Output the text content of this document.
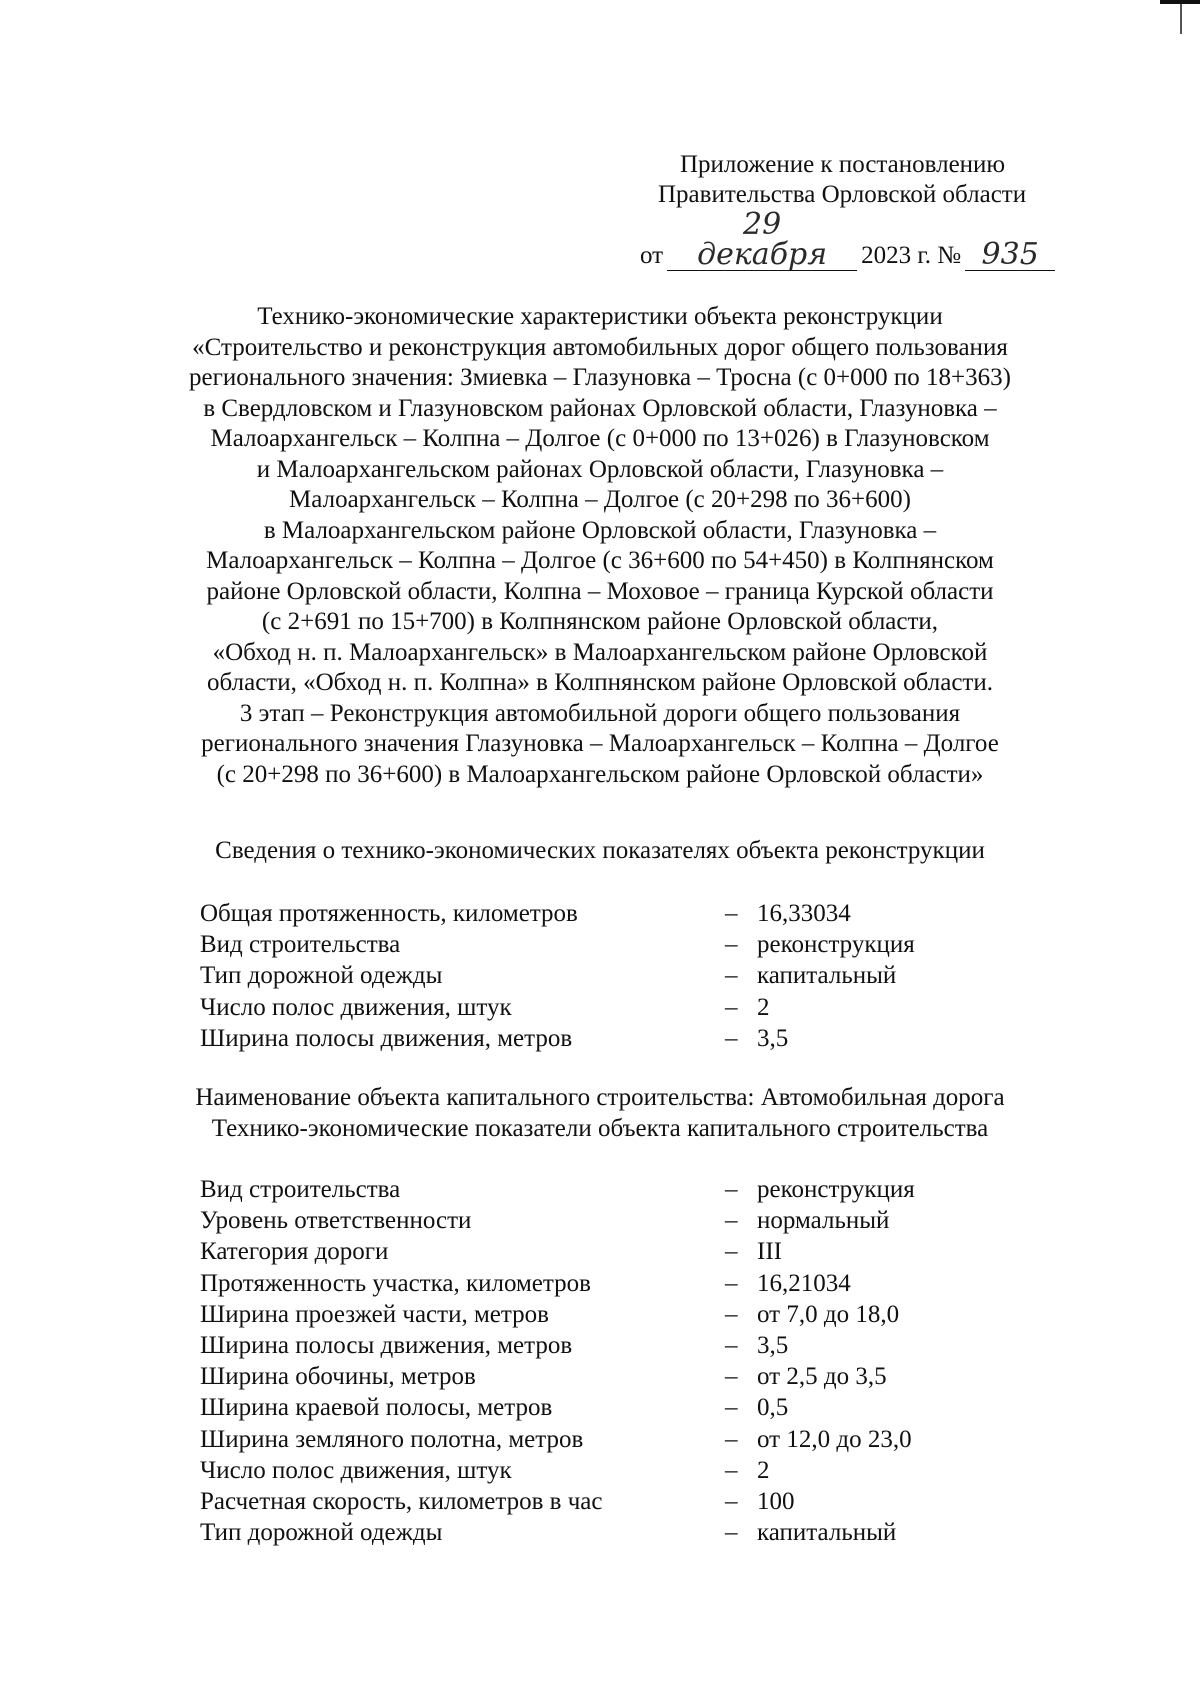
Приложение к постановлению
Правительства Орловской области
от
29 декабря	2023 г. № 935
Технико-экономические характеристики объекта реконструкции
«Строительство и реконструкция автомобильных дорог общего пользования
регионального значения: Змиевка – Глазуновка – Тросна (с 0+000 по 18+363)
в Свердловском и Глазуновском районах Орловской области, Глазуновка –
Малоархангельск – Колпна – Долгое (с 0+000 по 13+026) в Глазуновском
и Малоархангельском районах Орловской области, Глазуновка –
Малоархангельск – Колпна – Долгое (с 20+298 по 36+600)
в Малоархангельском районе Орловской области, Глазуновка –
Малоархангельск – Колпна – Долгое (с 36+600 по 54+450) в Колпнянском
районе Орловской области, Колпна – Моховое – граница Курской области
(с 2+691 по 15+700) в Колпнянском районе Орловской области,
«Обход н. п. Малоархангельск» в Малоархангельском районе Орловской
области, «Обход н. п. Колпна» в Колпнянском районе Орловской области.
3 этап – Реконструкция автомобильной дороги общего пользования
регионального значения Глазуновка – Малоархангельск – Колпна – Долгое
(с 20+298 по 36+600) в Малоархангельском районе Орловской области»
Сведения о технико-экономических показателях объекта реконструкции
Общая протяженность, километров	– 16,33034
Вид строительства	– реконструкция
Тип дорожной одежды	– капитальный
Число полос движения, штук	– 2
Ширина полосы движения, метров	– 3,5
Наименование объекта капитального строительства: Автомобильная дорога
Технико-экономические показатели объекта капитального строительства
Вид строительства	– реконструкция
Уровень ответственности	– нормальный
Категория дороги	– III
Протяженность участка, километров	– 16,21034
Ширина проезжей части, метров	– от 7,0 до 18,0
Ширина полосы движения, метров	– 3,5
Ширина обочины, метров	– от 2,5 до 3,5
Ширина краевой полосы, метров	– 0,5
Ширина земляного полотна, метров	– от 12,0 до 23,0
Число полос движения, штук	– 2
Расчетная скорость, километров в час	– 100
Тип дорожной одежды	– капитальный
